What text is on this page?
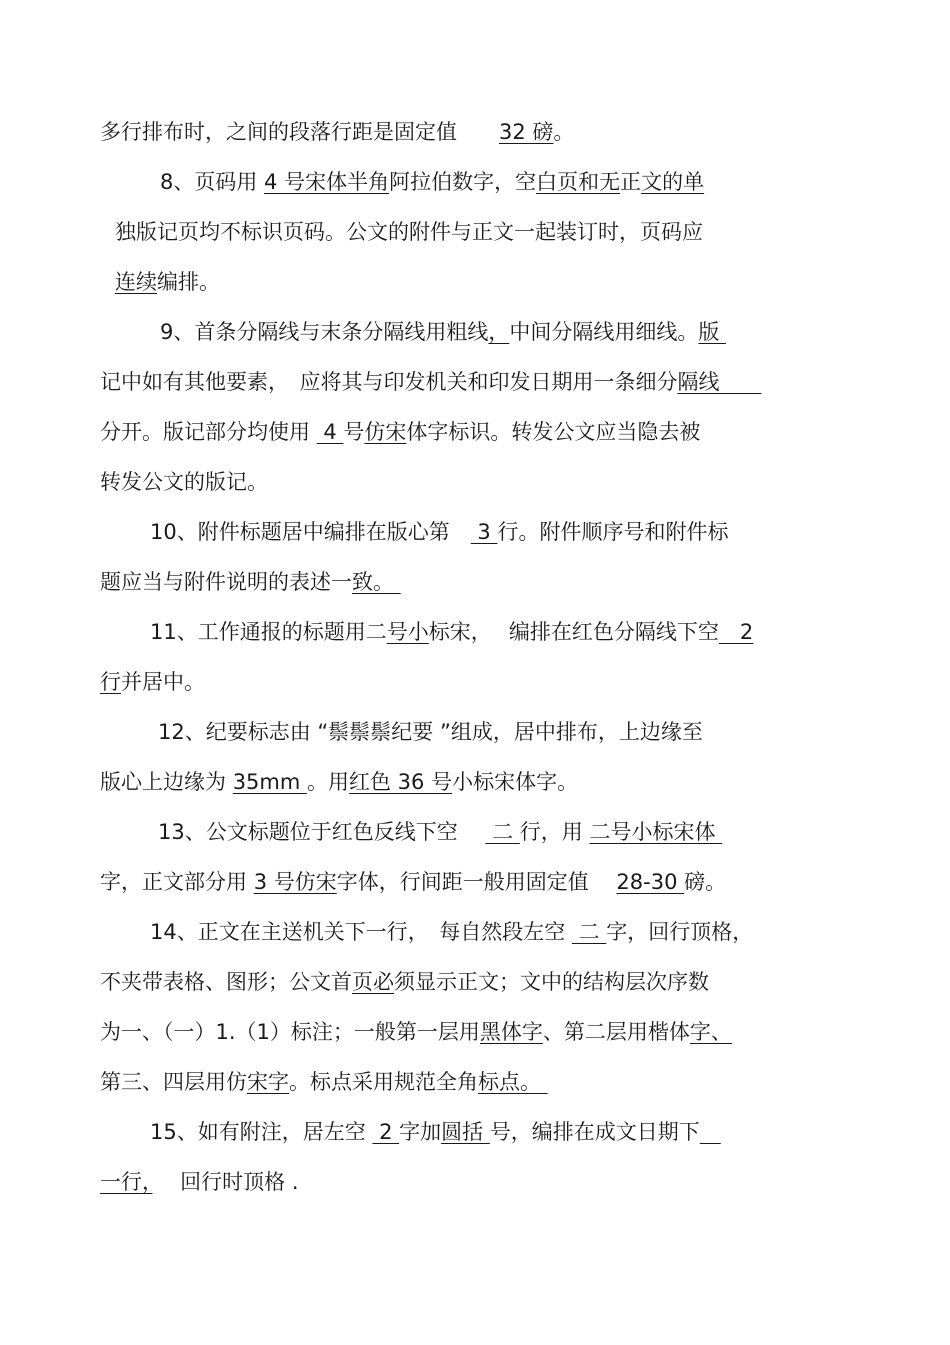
多行排布时，之间的段落行距是固定值　　32 磅。
8、页码用 4 号宋体半角阿拉伯数字，空白页和无正文的单
独版记页均不标识页码。公文的附件与正文一起装订时，页码应
连续编排。
9、首条分隔线与末条分隔线用粗线，中间分隔线用细线。版
记中如有其他要素，　应将其与印发机关和印发日期用一条细分隔线　　
分开。版记部分均使用  4 号仿宋体字标识。转发公文应当隐去被
转发公文的版记。
10、附件标题居中编排在版心第　 3 行。附件顺序号和附件标
题应当与附件说明的表述一致。
11、工作通报的标题用二号小标宋，　 编排在红色分隔线下空　2
行并居中。
12、纪要标志由 “鬃鬃鬃纪要 ”组成，居中排布，上边缘至
版心上边缘为 35mm 。用红色 36 号小标宋体字。
13、公文标题位于红色反线下空　  二 行，用 二号小标宋体
字，正文部分用 3 号仿宋字体，行间距一般用固定值　 28-30 磅。
14、正文在主送机关下一行，　每自然段左空  二 字，回行顶格，
不夹带表格、图形；公文首页必须显示正文；文中的结构层次序数
为一、（一）1.（1）标注；一般第一层用黑体字、第二层用楷体字、
第三、四层用仿宋字。标点采用规范全角标点。
15、如有附注，居左空  2 字加圆括 号，编排在成文日期下　
一行，　 回行时顶格 .
